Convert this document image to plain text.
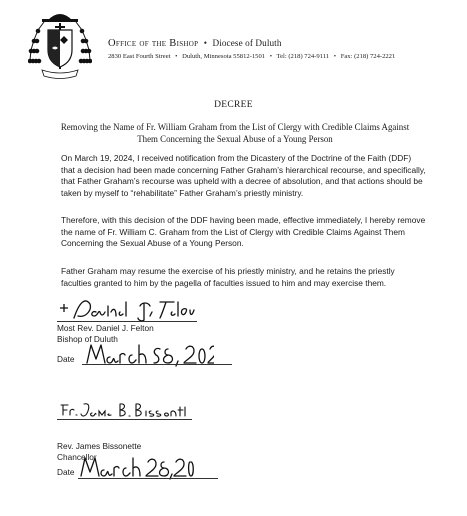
Office of the Bishop • Diocese of Duluth
2830 East Fourth Street • Duluth, Minnesota 55812-1501 • Tel: (218) 724-9111 • Fax: (218) 724-2221
DECREE
Removing the Name of Fr. William Graham from the List of Clergy with Credible Claims Against Them Concerning the Sexual Abuse of a Young Person
On March 19, 2024, I received notification from the Dicastery of the Doctrine of the Faith (DDF) that a decision had been made concerning Father Graham’s hierarchical recourse, and specifically, that Father Graham’s recourse was upheld with a decree of absolution, and that actions should be taken by myself to “rehabilitate” Father Graham’s priestly ministry.
Therefore, with this decision of the DDF having been made, effective immediately, I hereby remove the name of Fr. William C. Graham from the List of Clergy with Credible Claims Against Them Concerning the Sexual Abuse of a Young Person.
Father Graham may resume the exercise of his priestly ministry, and he retains the priestly faculties granted to him by the pagella of faculties issued to him and may exercise them.
Most Rev. Daniel J. Felton
Bishop of Duluth
Date
Rev. James Bissonette
Chancellor
Date
